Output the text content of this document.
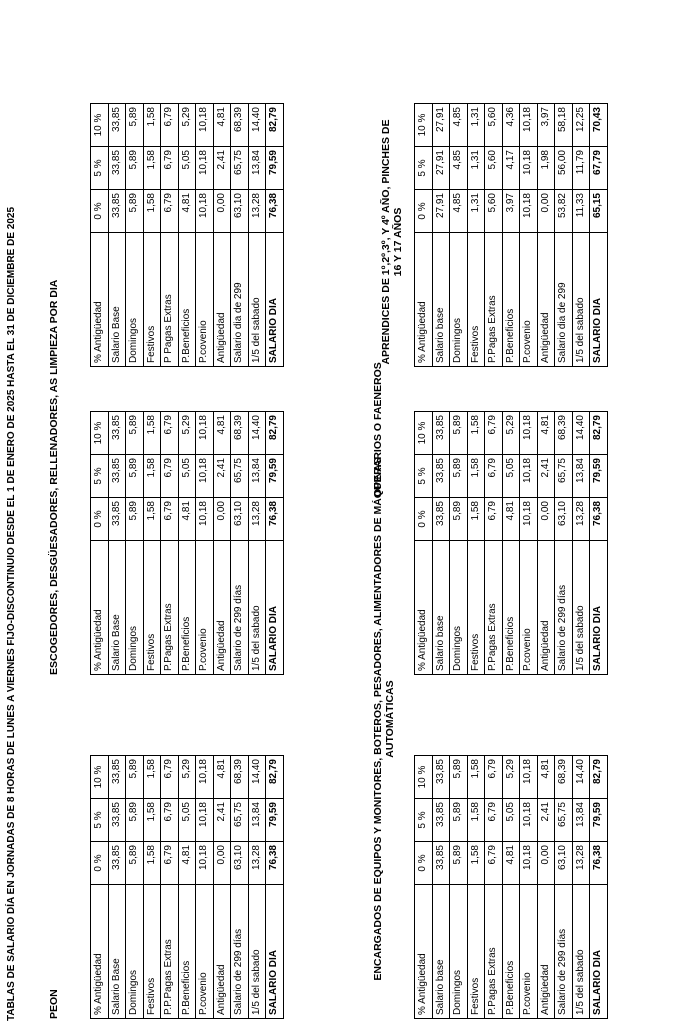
TABLAS DE SALARIO DÍA EN JORNADAS DE 8 HORAS DE LUNES A VIERNES FIJO-DISCONTINUIO DESDE EL 1 DE ENERO DE 2025 HASTA EL 31 DE DICIEMBRE DE 2025	PEON
ESCOGEDORES, DESGÜESADORES, RELLENADORES, AS LIMPIEZA POR DIA
% Antigüedad	0 %	5 %	10 %
Salario Base	33,85	33,85	33,85
Domingos	5,89	5,89	5,89
Festivos	1,58	1,58	1,58
P.P.Pagas Extras	6,79	6,79	6,79
P.Beneficios	4,81	5,05	5,29
P.covenio	10,18	10,18	10,18
Antigüedad	0,00	2,41	4,81
Salario de 299 días	63,10	65,75	68,39
1/5 del sabado	13,28	13,84	14,40
SALARIO DIA	76,38	79,59	82,79
% Antigüedad	0 %	5 %	10 %
Salario Base	33,85	33,85	33,85
Domingos	5,89	5,89	5,89
Festivos	1,58	1,58	1,58
P.Pagas Extras	6,79	6,79	6,79
P.Beneficios	4,81	5,05	5,29
P.covenio	10,18	10,18	10,18
Antigüedad	0,00	2,41	4,81
Salario de 299 días	63,10	65,75	68,39
1/5 del sabado	13,28	13,84	14,40
SALARIO DIA	76,38	79,59	82,79
% Antigüedad	0 %	5 %	10 %
Salario Base	33,85	33,85	33,85
Domingos	5,89	5,89	5,89
Festivos	1,58	1,58	1,58
P Pagas Extras	6,79	6,79	6,79
P.Beneficios	4,81	5,05	5,29
P.covenio	10,18	10,18	10,18
Antigüedad	0,00	2,41	4,81
Salario dia de 299	63,10	65,75	68,39
1/5 del sabado	13,28	13,84	14,40
SALARIO DIA	76,38	79,59	82,79
ENCARGADOS DE EQUIPOS Y MONITORES, BOTEROS, PESADORES, ALIMENTADORES DE MÁQUINAS AUTOMÁTICAS
OPERARIOS O FAENEROS
APRENDICES DE 1º,2º,3º, Y 4º AÑO, PINCHES DE 16 Y 17 AÑOS
% Antigüedad	0 %	5 %	10 %
Salario base	33,85	33,85	33,85
Domingos	5,89	5,89	5,89
Festivos	1,58	1,58	1,58
P.Pagas Extras	6,79	6,79	6,79
P.Beneficios	4,81	5,05	5,29
P.covenio	10,18	10,18	10,18
Antigüedad	0,00	2,41	4,81
Salario de 299 días	63,10	65,75	68,39
1/5 del sabado	13,28	13,84	14,40
SALARIO DIA	76,38	79,59	82,79
% Antigüedad	0 %	5 %	10 %
Salario base	33,85	33,85	33,85
Domingos	5,89	5,89	5,89
Festivos	1,58	1,58	1,58
P.Pagas Extras	6,79	6,79	6,79
P.Beneficios	4,81	5,05	5,29
P.covenio	10,18	10,18	10,18
Antigüedad	0,00	2,41	4,81
Salario de 299 días	63,10	65,75	68,39
1/5 del sabado	13,28	13,84	14,40
SALARIO DIA	76,38	79,59	82,79
% Antigüedad	0 %	5 %	10 %
Salario base	27,91	27,91	27,91
Domingos	4,85	4,85	4,85
Festivos	1,31	1,31	1,31
P.Pagas Extras	5,60	5,60	5,60
P.Beneficios	3,97	4,17	4,36
P.covenio	10,18	10,18	10,18
Antigüedad	0,00	1,98	3,97
Salario dia de 299	53,82	56,00	58,18
1/5 del sabado	11,33	11,79	12,25
SALARIO DIA	65,15	67,79	70,43
